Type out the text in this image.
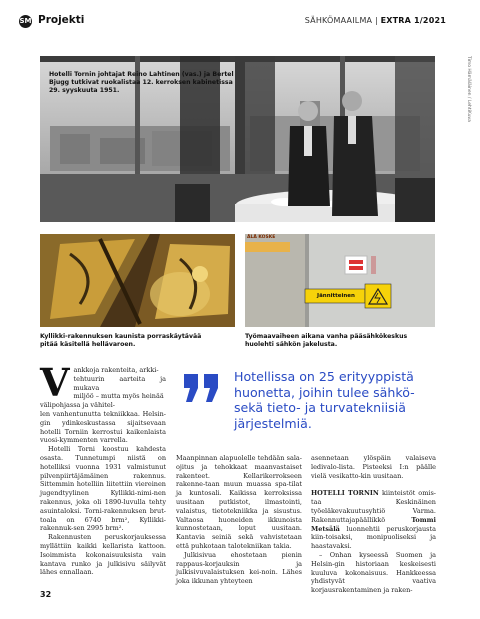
SM Projekti	SÄHKÖMAAILMA | EXTRA 1/2021
Hotelli Tornin johtajat Reino Lahtinen (vas.) ja Bertel Bjugg tutkivat ruokalistaa 12. kerroksen kabinetissa 29. syyskuuta 1951.	Timo Hämäläinen / LehtiKuva
Kyllikki-rakennuksen kaunista porraskäytävää pitää käsitellä hellävaroen.
ÄLÄ KOSKE
Jännitteinen
Työmaavaiheen aikana vanha pääsähkökeskus huolehti sähkön jakelusta.
V ankkoja rakenteita, arkki-
tehtuurin aarteita ja mukava
miljöö – mutta myös heinää
välipohjassa ja vähitel-

len vanhentunutta tekniikkaa. Helsin-gin ydinkeskustassa sijaitsevaan hotelli Torniin kerrostui kaikenlaista vuosi-kymmenten varrella.

Hotelli Torni koostuu kahdesta osasta. Tunnetumpi niistä on hotelliksi vuonna 1931 valmistunut pilvenpiirtäjämäinen rakennus. Sittemmin hotelliin liitettiin viereinen jugendtyylinen Kyllikki-nimi-nen rakennus, joka oli 1890-luvulla tehty asuintaloksi. Torni-rakennuksen brut-toala on 6740 brm², Kyllikki-rakennuk-sen 2995 brm².

Rakennusten peruskorjauksessa myllättiin kaikki kellarista kattoon. Isoimmista kokonaisuuksista vain kantava runko ja julkisivu säilyvät lähes ennallaan.

Hotellissa on 25 erityyppistä huonetta, joihin tulee sähkö- sekä tieto- ja turvatekniisiä järjestelmiä.

Maanpinnan alapuolelle tehdään sala-ojitus ja tehokkaat maanvastaiset rakenteet. Kellarikerrokseen rakenne-taan muun muassa spa-tilat ja kuntosali. Kaikissa kerroksissa uusitaan putkistot, ilmastointi, valaistus, tietotekniikka ja sisustus. Valtaosa huoneiden ikkunoista kunnostetaan, loput uusitaan. Kantavia seiniä sekä vahvistetaan että puhkotaan talotekniikan takia.

Julkisivua ehostetaan pienin rappaus-korjauksin ja julkisivuvalaistuksen kei-noin. Lähes joka ikkunan yhteyteen

asennetaan ylöspäin valaiseva ledivalo-lista. Pisteeksi I:n päälle vielä vesikatto-kin uusitaan.

HOTELLI TORNIN kiinteistöt omis-taa Keskinäinen työeläkevakuutusyhtiö Varma. Rakennuttajapäällikkö Tommi Metsälä luonnehtii peruskorjausta kiin-toisaksi, monipuoliseksi ja haastavaksi.

– Onhan kyseessä Suomen ja Helsin-gin historiaan keskeisesti kuuluva kokonaisuus. Hankkeessa yhdistyvät vaativa korjausrakentaminen ja raken-

32
